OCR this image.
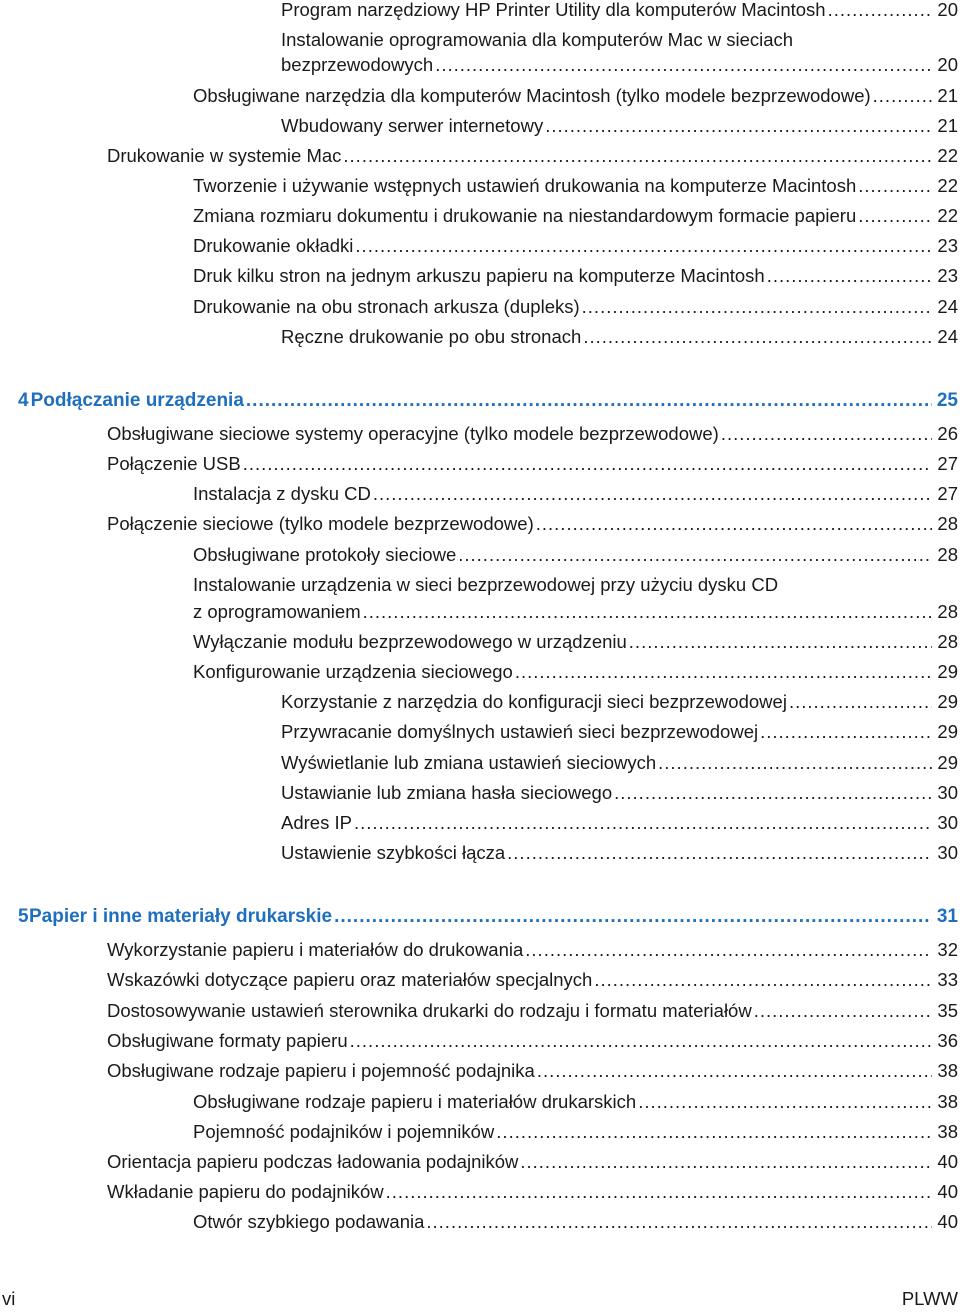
Program narzędziowy HP Printer Utility dla komputerów Macintosh .....	20
Instalowanie oprogramowania dla komputerów Mac w sieciach
bezprzewodowych .....	20
Obsługiwane narzędzia dla komputerów Macintosh (tylko modele bezprzewodowe) .....	21
Wbudowany serwer internetowy .....	21
Drukowanie w systemie Mac .....	22
Tworzenie i używanie wstępnych ustawień drukowania na komputerze Macintosh .....	22
Zmiana rozmiaru dokumentu i drukowanie na niestandardowym formacie papieru .....	22
Drukowanie okładki .....	23
Druk kilku stron na jednym arkuszu papieru na komputerze Macintosh .....	23
Drukowanie na obu stronach arkusza (dupleks) .....	24
Ręczne drukowanie po obu stronach .....	24
4 Podłączanie urządzenia .....	25
Obsługiwane sieciowe systemy operacyjne (tylko modele bezprzewodowe) .....	26
Połączenie USB .....	27
Instalacja z dysku CD .....	27
Połączenie sieciowe (tylko modele bezprzewodowe) .....	28
Obsługiwane protokoły sieciowe .....	28
Instalowanie urządzenia w sieci bezprzewodowej przy użyciu dysku CD
z oprogramowaniem .....	28
Wyłączanie modułu bezprzewodowego w urządzeniu .....	28
Konfigurowanie urządzenia sieciowego .....	29
Korzystanie z narzędzia do konfiguracji sieci bezprzewodowej .....	29
Przywracanie domyślnych ustawień sieci bezprzewodowej .....	29
Wyświetlanie lub zmiana ustawień sieciowych .....	29
Ustawianie lub zmiana hasła sieciowego .....	30
Adres IP .....	30
Ustawienie szybkości łącza .....	30
5 Papier i inne materiały drukarskie .....	31
Wykorzystanie papieru i materiałów do drukowania .....	32
Wskazówki dotyczące papieru oraz materiałów specjalnych .....	33
Dostosowywanie ustawień sterownika drukarki do rodzaju i formatu materiałów .....	35
Obsługiwane formaty papieru .....	36
Obsługiwane rodzaje papieru i pojemność podajnika .....	38
Obsługiwane rodzaje papieru i materiałów drukarskich .....	38
Pojemność podajników i pojemników .....	38
Orientacja papieru podczas ładowania podajników .....	40
Wkładanie papieru do podajników .....	40
Otwór szybkiego podawania .....	40
vi	PLWW
